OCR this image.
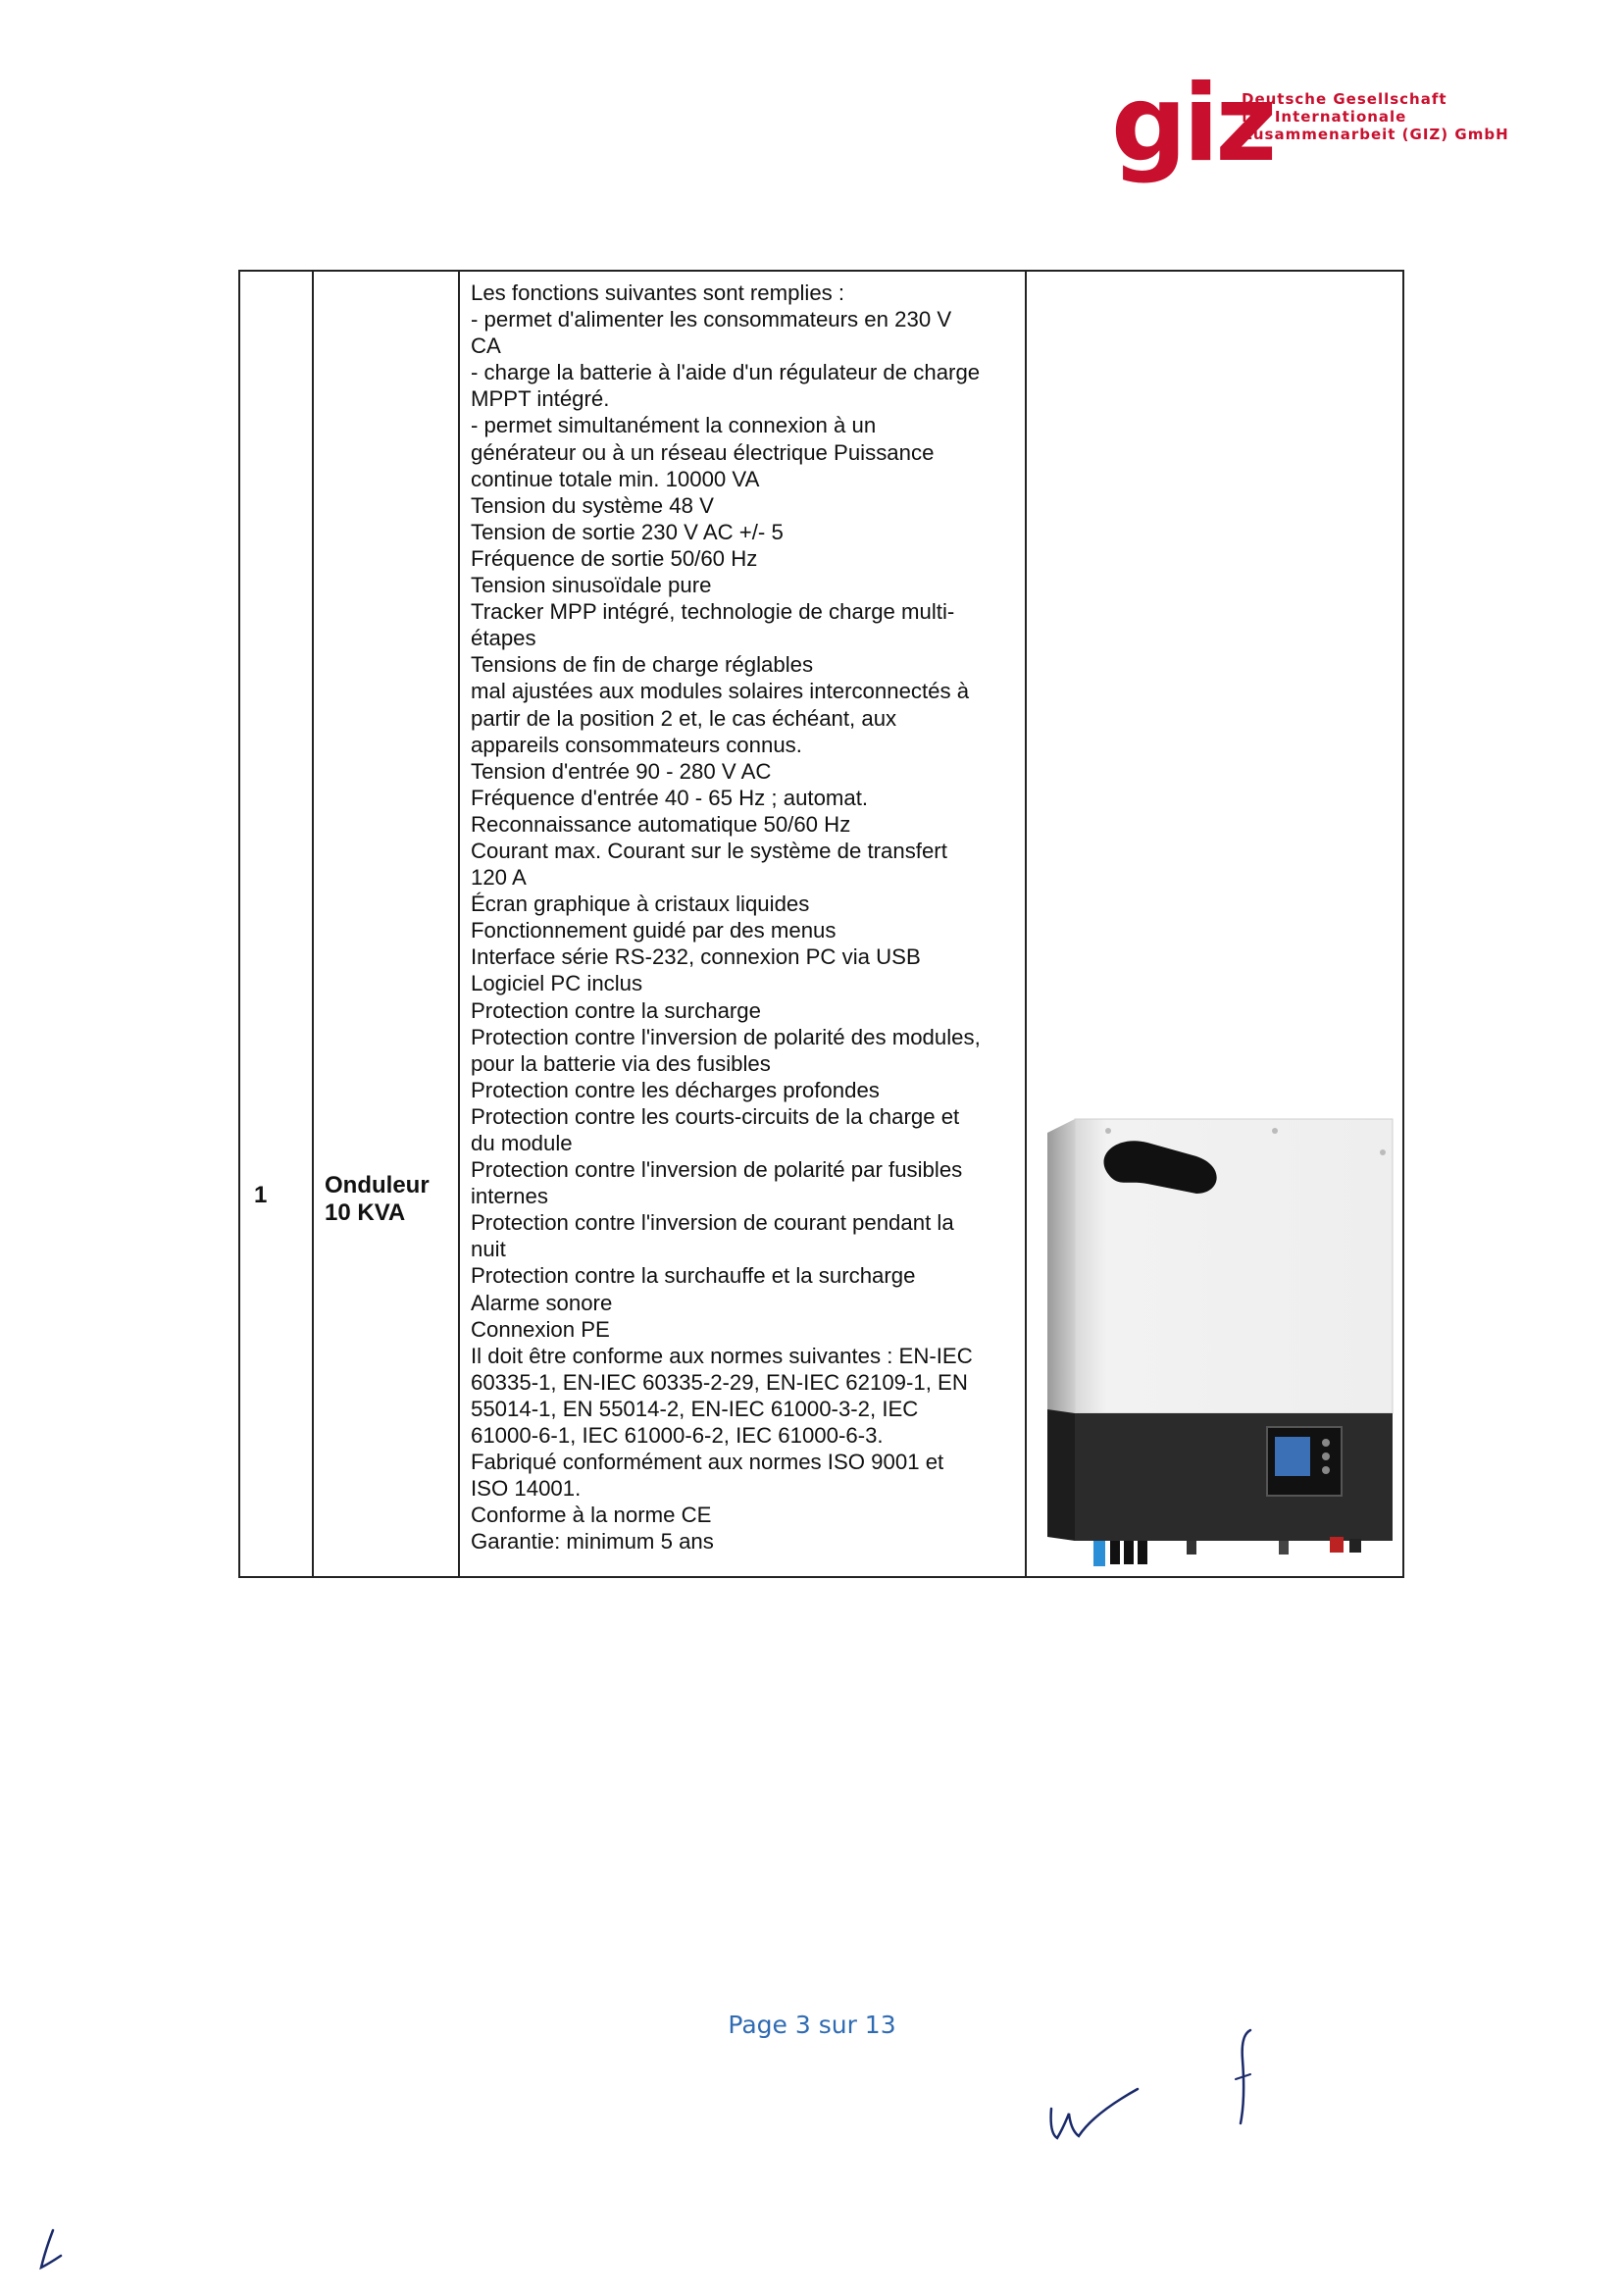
giz
Deutsche Gesellschaft
für Internationale
Zusammenarbeit (GIZ) GmbH
1 Onduleur
10 KVA
Les fonctions suivantes sont remplies :
- permet d'alimenter les consommateurs en 230 V
CA
- charge la batterie à l'aide d'un régulateur de charge
MPPT intégré.
- permet simultanément la connexion à un
générateur ou à un réseau électrique Puissance
continue totale min. 10000 VA
Tension du système 48 V
Tension de sortie 230 V AC +/- 5
Fréquence de sortie 50/60 Hz
Tension sinusoïdale pure
Tracker MPP intégré, technologie de charge multi-
étapes
Tensions de fin de charge réglables
mal ajustées aux modules solaires interconnectés à
partir de la position 2 et, le cas échéant, aux
appareils consommateurs connus.
Tension d'entrée 90 - 280 V AC
Fréquence d'entrée 40 - 65 Hz ; automat.
Reconnaissance automatique 50/60 Hz
Courant max. Courant sur le système de transfert
120 A
Écran graphique à cristaux liquides
Fonctionnement guidé par des menus
Interface série RS-232, connexion PC via USB
Logiciel PC inclus
Protection contre la surcharge
Protection contre l'inversion de polarité des modules,
pour la batterie via des fusibles
Protection contre les décharges profondes
Protection contre les courts-circuits de la charge et
du module
Protection contre l'inversion de polarité par fusibles
internes
Protection contre l'inversion de courant pendant la
nuit
Protection contre la surchauffe et la surcharge
Alarme sonore
Connexion PE
Il doit être conforme aux normes suivantes : EN-IEC
60335-1, EN-IEC 60335-2-29, EN-IEC 62109-1, EN
55014-1, EN 55014-2, EN-IEC 61000-3-2, IEC
61000-6-1, IEC 61000-6-2, IEC 61000-6-3.
Fabriqué conformément aux normes ISO 9001 et
ISO 14001.
Conforme à la norme CE
Garantie: minimum 5 ans
Page 3 sur 13
